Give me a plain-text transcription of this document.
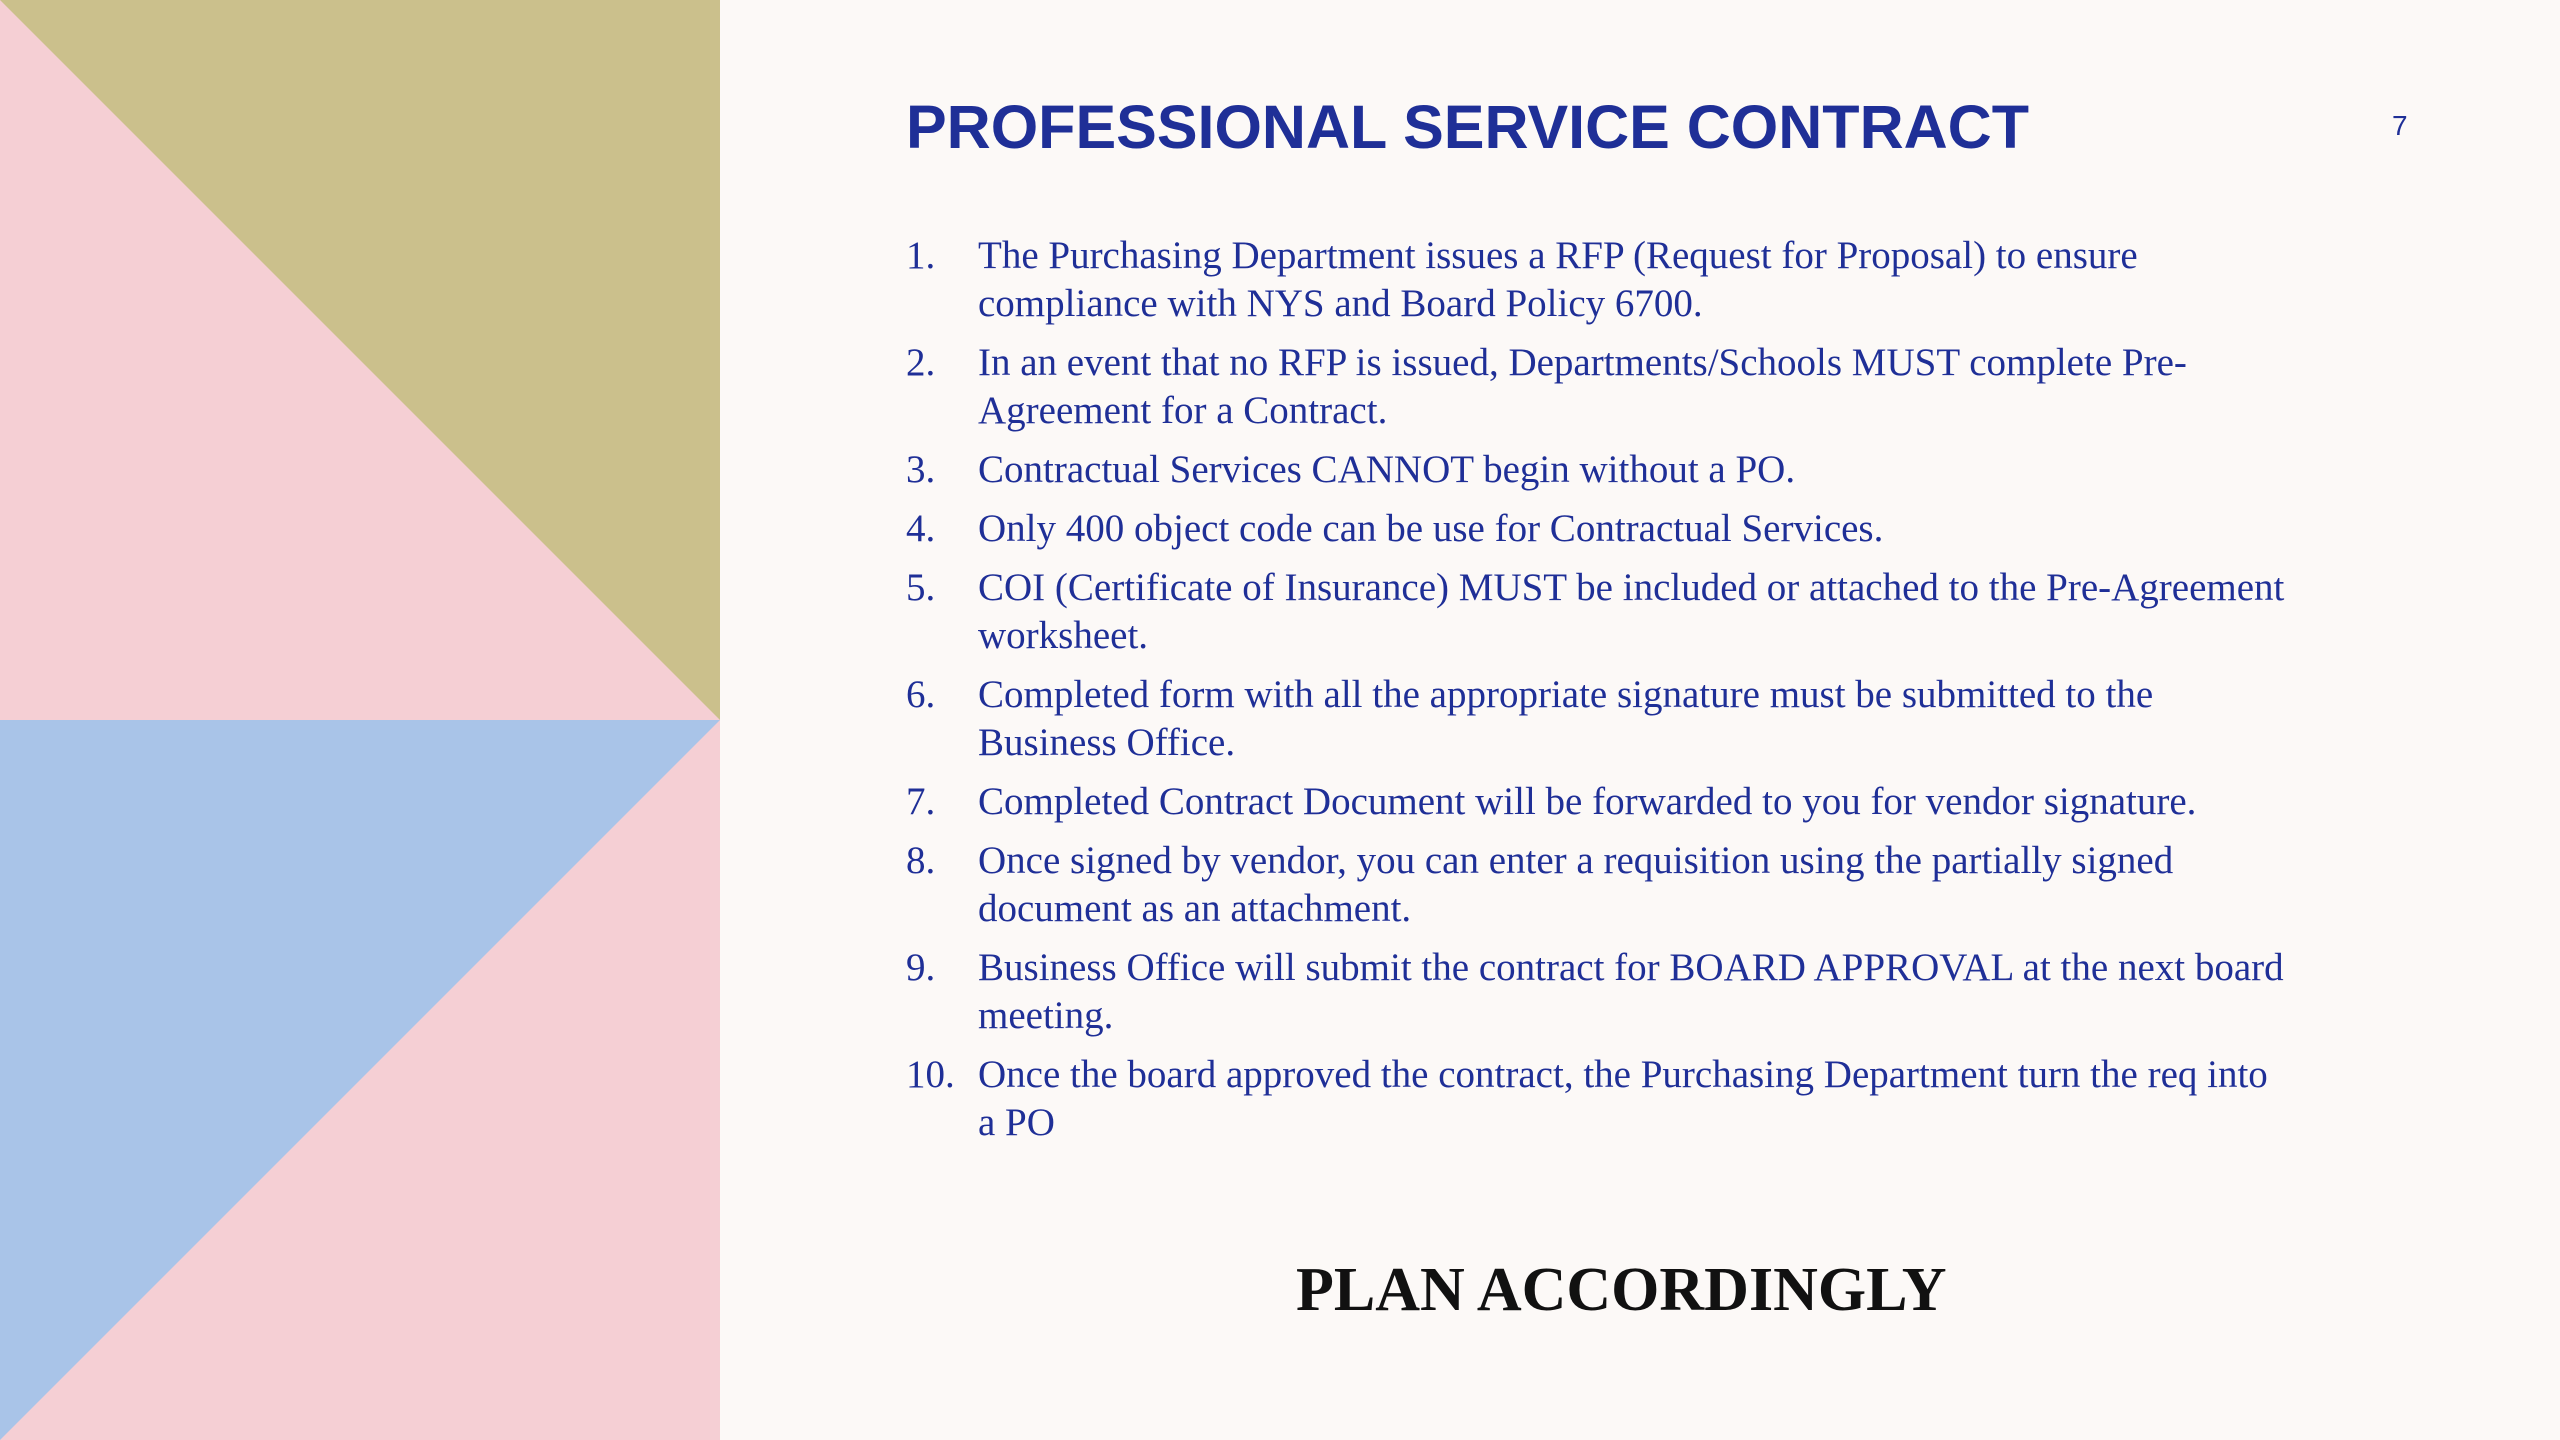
PROFESSIONAL SERVICE CONTRACT	7
1.	The Purchasing Department issues a RFP (Request for Proposal) to ensure compliance with NYS and Board Policy 6700.
2.	In an event that no RFP is issued, Departments/Schools MUST complete Pre-Agreement for a Contract.
3.	Contractual Services CANNOT begin without a PO.
4.	Only 400 object code can be use for Contractual Services.
5.	COI (Certificate of Insurance) MUST be included or attached to the Pre-Agreement worksheet.
6.	Completed form with all the appropriate signature must be submitted to the Business Office.
7.	Completed Contract Document will be forwarded to you for vendor signature.
8.	Once signed by vendor, you can enter a requisition using the partially signed document as an attachment.
9.	Business Office will submit the contract for BOARD APPROVAL at the next board meeting.
10. Once the board approved the contract, the Purchasing Department turn the req into a PO
PLAN ACCORDINGLY
